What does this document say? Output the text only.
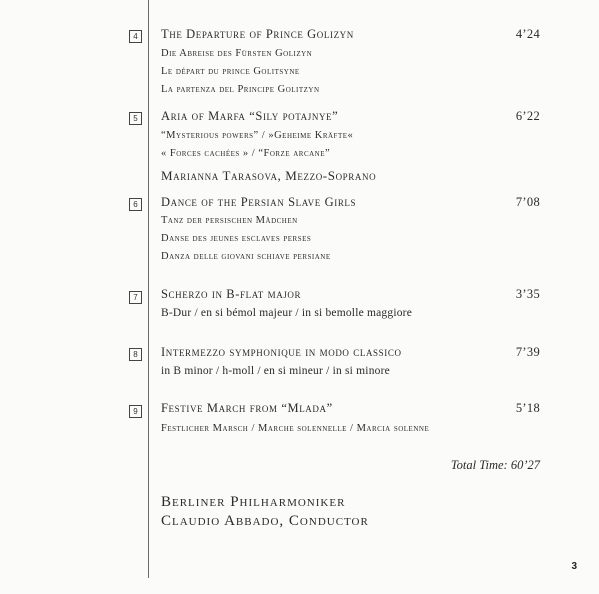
4	The Departure of Prince Golizyn	4’24
Die Abreise des Fürsten Golizyn
Le départ du prince Golitsyne
La partenza del Principe Golitzyn
5	Aria of Marfa “Sily potajnye”	6’22
“Mysterious powers” / »Geheime Kräfte«
« Forces cachées » / “Forze arcane”
Marianna Tarasova, Mezzo-Soprano
6	Dance of the Persian Slave Girls	7’08
Tanz der persischen Mädchen
Danse des jeunes esclaves perses
Danza delle giovani schiave persiane
7	Scherzo in B-flat major	3’35
B-Dur / en si bémol majeur / in si bemolle maggiore
8	Intermezzo symphonique in modo classico	7’39
in B minor / h-moll / en si mineur / in si minore
9	Festive March from “Mlada”	5’18
Festlicher Marsch / Marche solennelle / Marcia solenne
Total Time: 60’27
Berliner Philharmoniker
Claudio Abbado, Conductor
3
